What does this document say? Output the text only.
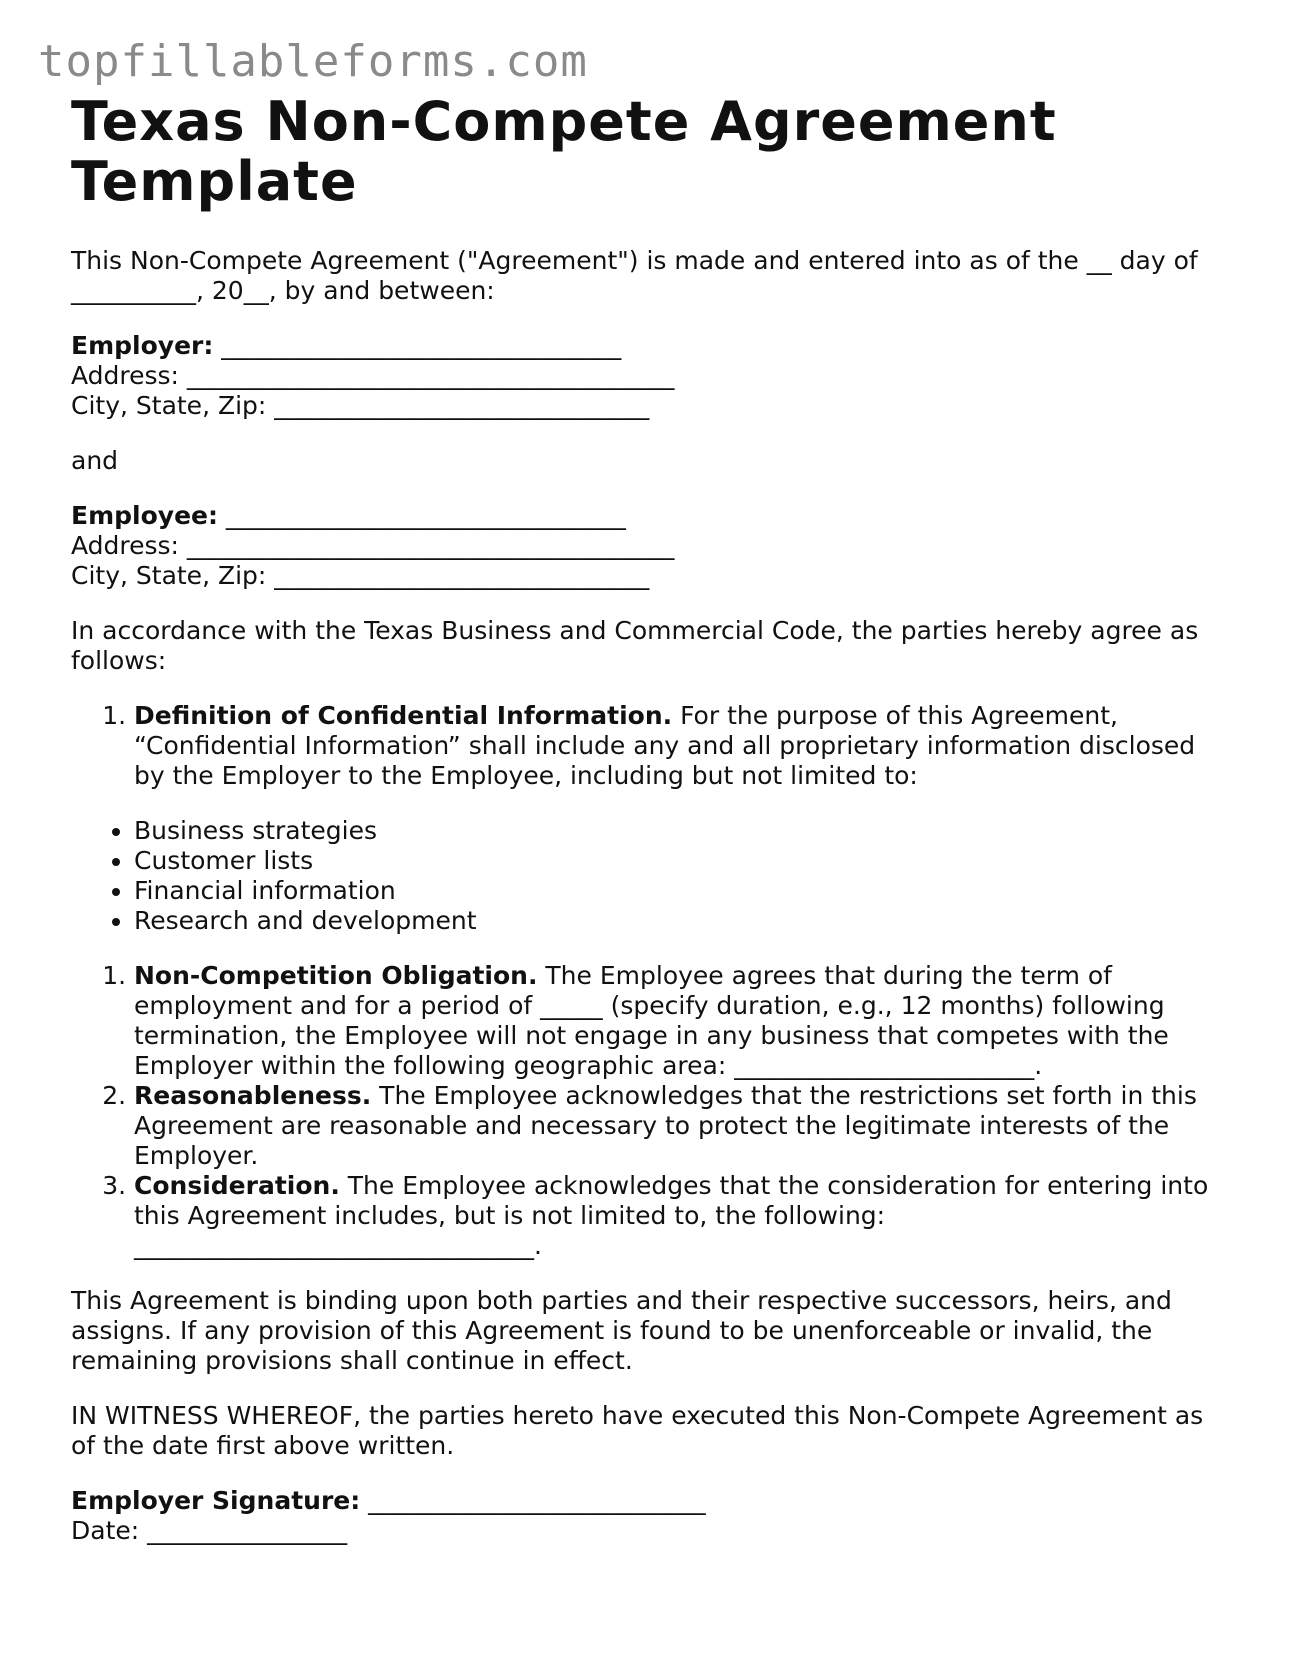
topfillableforms.com
Texas Non-Compete Agreement Template

This Non-Compete Agreement ("Agreement") is made and entered into as of the __ day of __________, 20__, by and between:

Employer: ________________________________
Address: _______________________________________
City, State, Zip: ______________________________

and

Employee: ________________________________
Address: _______________________________________
City, State, Zip: ______________________________

In accordance with the Texas Business and Commercial Code, the parties hereby agree as follows:

1. Definition of Confidential Information. For the purpose of this Agreement, “Confidential Information” shall include any and all proprietary information disclosed by the Employer to the Employee, including but not limited to:
• Business strategies
• Customer lists
• Financial information
• Research and development
1. Non-Competition Obligation. The Employee agrees that during the term of employment and for a period of _____ (specify duration, e.g., 12 months) following termination, the Employee will not engage in any business that competes with the Employer within the following geographic area: ________________________.
2. Reasonableness. The Employee acknowledges that the restrictions set forth in this Agreement are reasonable and necessary to protect the legitimate interests of the Employer.
3. Consideration. The Employee acknowledges that the consideration for entering into this Agreement includes, but is not limited to, the following: ________________________________.

This Agreement is binding upon both parties and their respective successors, heirs, and assigns. If any provision of this Agreement is found to be unenforceable or invalid, the remaining provisions shall continue in effect.

IN WITNESS WHEREOF, the parties hereto have executed this Non-Compete Agreement as of the date first above written.

Employer Signature: ___________________________
Date: ________________
